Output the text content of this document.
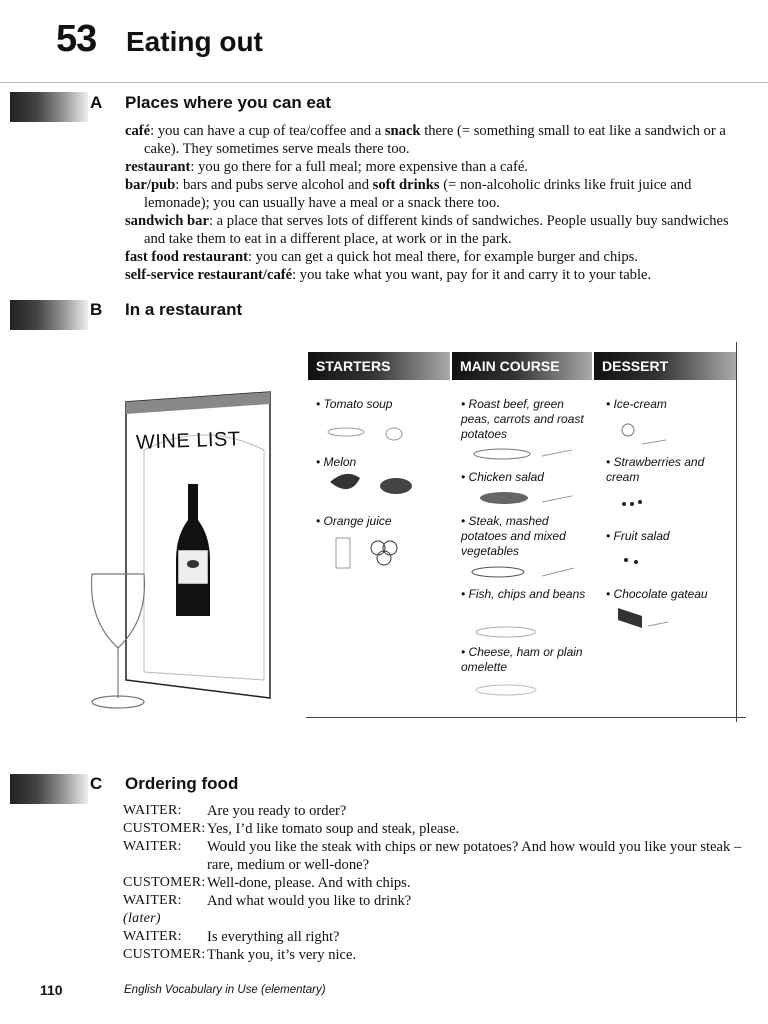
53 Eating out
A Places where you can eat

café: you can have a cup of tea/coffee and a snack there (= something small to eat like a sandwich or a cake). They sometimes serve meals there too.

restaurant: you go there for a full meal; more expensive than a café.

bar/pub: bars and pubs serve alcohol and soft drinks (= non-alcoholic drinks like fruit juice and lemonade); you can usually have a meal or a snack there too.

sandwich bar: a place that serves lots of different kinds of sandwiches. People usually buy sandwiches and take them to eat in a different place, at work or in the park.

fast food restaurant: you can get a quick hot meal there, for example burger and chips.

self-service restaurant/café: you take what you want, pay for it and carry it to your table.

B In a restaurant
WINE LIST
STARTERS	MAIN COURSE	DESSERT
• Tomato soup
• Melon
• Orange juice
• Roast beef, green peas, carrots and roast potatoes
• Chicken salad
• Steak, mashed potatoes and mixed vegetables
• Fish, chips and beans
• Cheese, ham or plain omelette
• Ice-cream
• Strawberries and cream
• Fruit salad
• Chocolate gateau
C Ordering food
WAITER:	Are you ready to order?
CUSTOMER: Yes, I’d like tomato soup and steak, please.
WAITER:	Would you like the steak with chips or new potatoes? And how would you like your steak – rare, medium or well-done?
CUSTOMER: Well-done, please. And with chips.
WAITER:	And what would you like to drink?
(later)
WAITER:	Is everything all right?
CUSTOMER: Thank you, it’s very nice.
110	English Vocabulary in Use (elementary)
